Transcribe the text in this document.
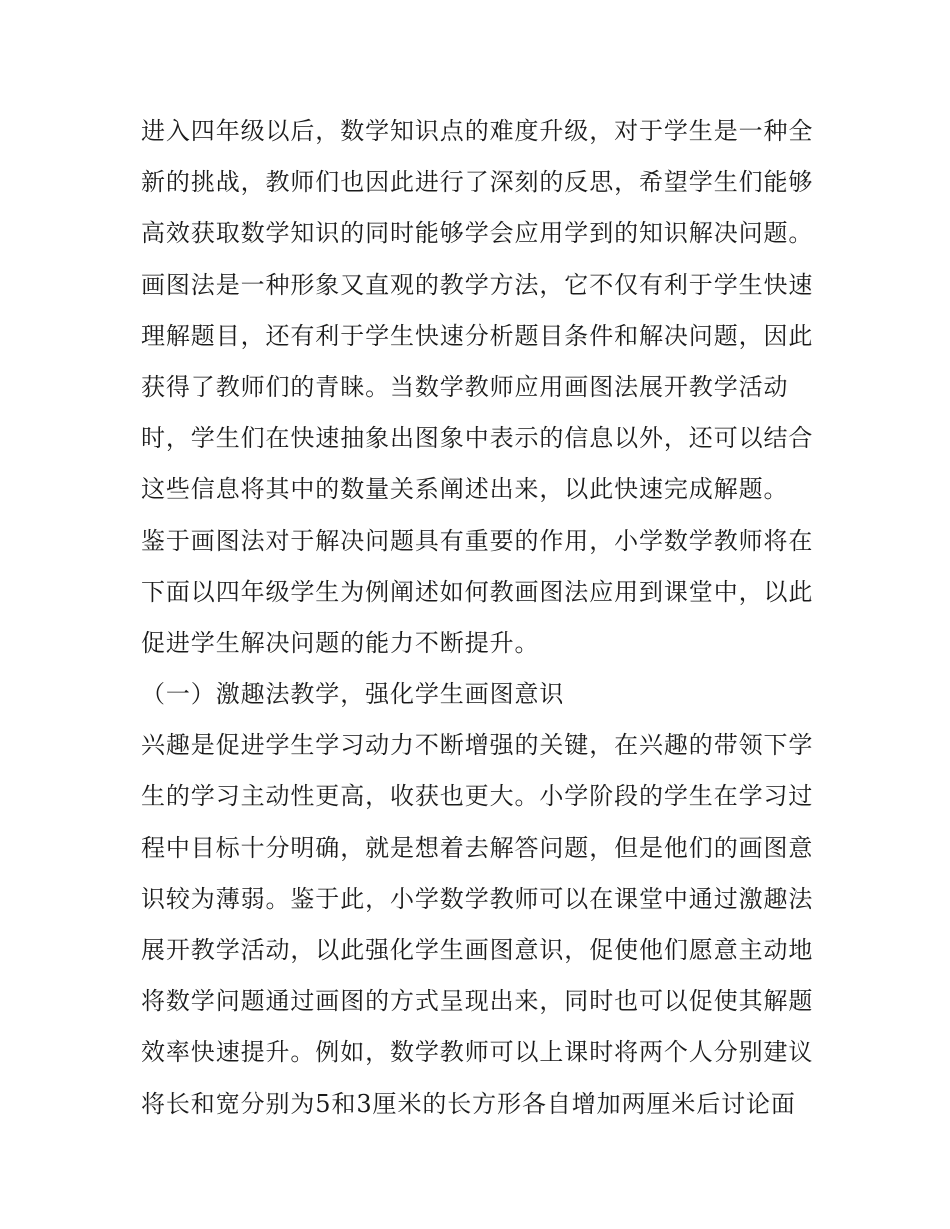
进入四年级以后，数学知识点的难度升级，对于学生是一种全
新的挑战，教师们也因此进行了深刻的反思，希望学生们能够
高效获取数学知识的同时能够学会应用学到的知识解决问题。
画图法是一种形象又直观的教学方法，它不仅有利于学生快速
理解题目，还有利于学生快速分析题目条件和解决问题，因此
获得了教师们的青睐。当数学教师应用画图法展开教学活动
时，学生们在快速抽象出图象中表示的信息以外，还可以结合
这些信息将其中的数量关系阐述出来，以此快速完成解题。
鉴于画图法对于解决问题具有重要的作用，小学数学教师将在
下面以四年级学生为例阐述如何教画图法应用到课堂中，以此
促进学生解决问题的能力不断提升。
（一）激趣法教学，强化学生画图意识
兴趣是促进学生学习动力不断增强的关键，在兴趣的带领下学
生的学习主动性更高，收获也更大。小学阶段的学生在学习过
程中目标十分明确，就是想着去解答问题，但是他们的画图意
识较为薄弱。鉴于此，小学数学教师可以在课堂中通过激趣法
展开教学活动，以此强化学生画图意识，促使他们愿意主动地
将数学问题通过画图的方式呈现出来，同时也可以促使其解题
效率快速提升。例如，数学教师可以上课时将两个人分别建议
将长和宽分别为5和3厘米的长方形各自增加两厘米后讨论面
